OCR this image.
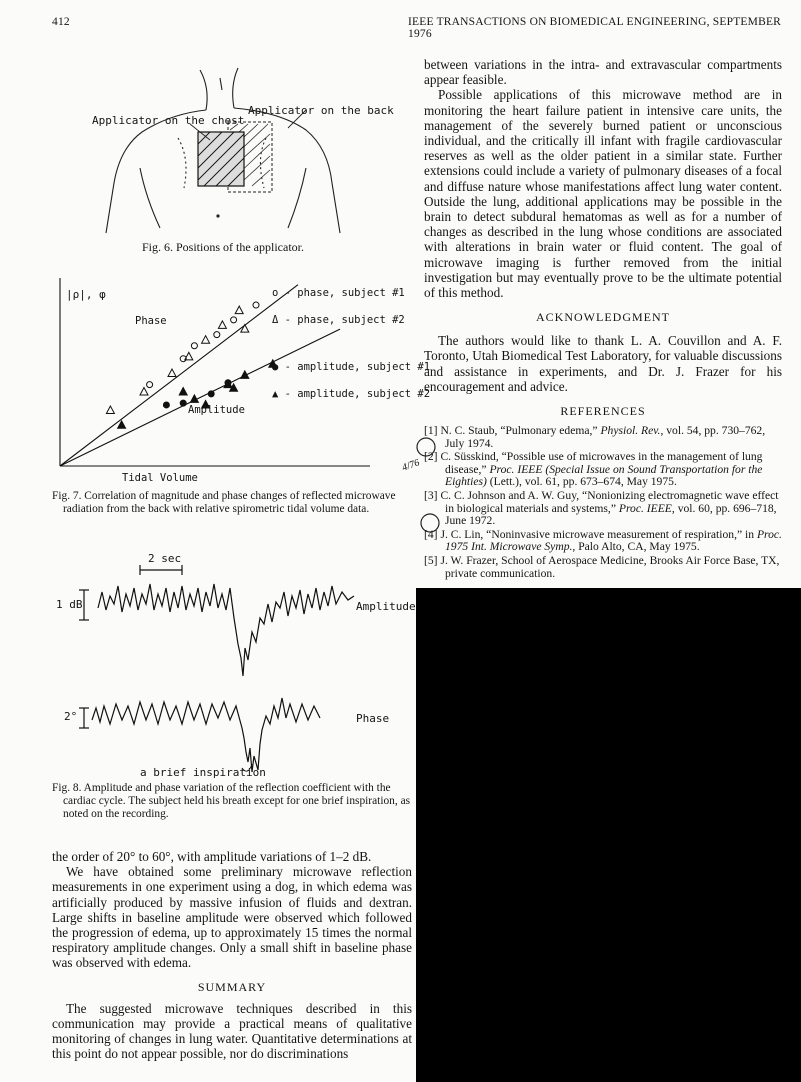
412	IEEE TRANSACTIONS ON BIOMEDICAL ENGINEERING, SEPTEMBER 1976
Applicator on the chest
Applicator on the back
Fig. 6. Positions of the applicator.
|ρ|, φ
Phase
Amplitude
Tidal Volume
o - phase, subject #1
Δ - phase, subject #2
● - amplitude, subject #1
▲ - amplitude, subject #2

Fig. 7. Correlation of magnitude and phase changes of reflected microwave radiation from the back with relative spirometric tidal volume data.

2 sec
1 dB	Amplitude
2°	Phase
a brief inspiration

Fig. 8. Amplitude and phase variation of the reflection coefficient with the cardiac cycle. The subject held his breath except for one brief inspiration, as noted on the recording.

the order of 20° to 60°, with amplitude variations of 1–2 dB.

We have obtained some preliminary microwave reflection measurements in one experiment using a dog, in which edema was artificially produced by massive infusion of fluids and dextran. Large shifts in baseline amplitude were observed which followed the progression of edema, up to approximately 15 times the normal respiratory amplitude changes. Only a small shift in baseline phase was observed with edema.

SUMMARY

The suggested microwave techniques described in this communication may provide a practical means of qualitative monitoring of changes in lung water. Quantitative determinations at this point do not appear possible, nor do discriminations

between variations in the intra- and extravascular compartments appear feasible.

Possible applications of this microwave method are in monitoring the heart failure patient in intensive care units, the management of the severely burned patient or unconscious individual, and the critically ill infant with fragile cardiovascular reserves as well as the older patient in a similar state. Further extensions could include a variety of pulmonary diseases of a focal and diffuse nature whose manifestations affect lung water content. Outside the lung, additional applications may be possible in the brain to detect subdural hematomas as well as for a number of changes as described in the lung whose conditions are associated with alterations in brain water or fluid content. The goal of microwave imaging is further removed from the initial investigation but may eventually prove to be the ultimate potential of this method.

ACKNOWLEDGMENT

The authors would like to thank L. A. Couvillon and A. F. Toronto, Utah Biomedical Test Laboratory, for valuable discussions and assistance in experiments, and Dr. J. Frazer for his encouragement and advice.

REFERENCES

[1] N. C. Staub, “Pulmonary edema,” Physiol. Rev., vol. 54, pp. 730–762, July 1974.

[2] C. Süsskind, “Possible use of microwaves in the management of lung disease,” Proc. IEEE (Special Issue on Sound Transportation for the Eighties) (Lett.), vol. 61, pp. 673–674, May 1975.

[3] C. C. Johnson and A. W. Guy, “Nonionizing electromagnetic wave effect in biological materials and systems,” Proc. IEEE, vol. 60, pp. 696–718, June 1972.

[4] J. C. Lin, “Noninvasive microwave measurement of respiration,” in Proc. 1975 Int. Microwave Symp., Palo Alto, CA, May 1975.

[5] J. W. Frazer, School of Aerospace Medicine, Brooks Air Force Base, TX, private communication.

4/76
